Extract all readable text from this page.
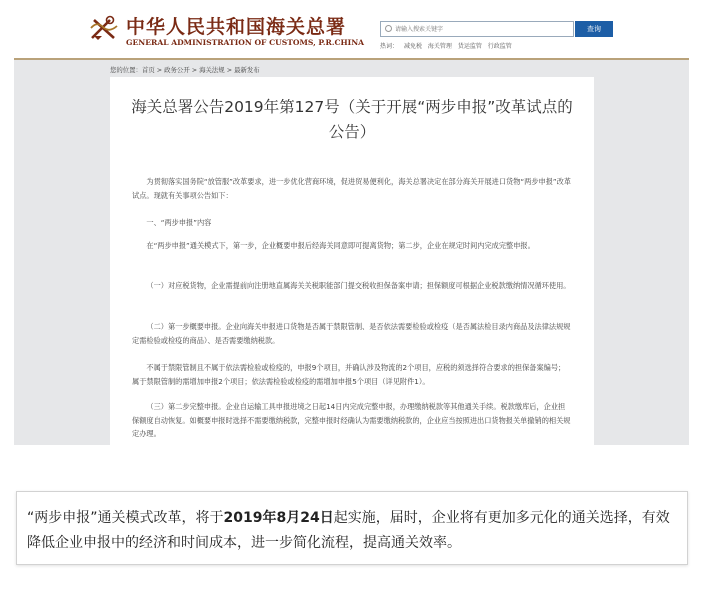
中华人民共和国海关总署
GENERAL ADMINISTRATION OF CUSTOMS, P.R.CHINA
请输入搜索关键字
查询
热词： 减免税 海关管理 货运监管 行政监管
您的位置：首页 > 政务公开 > 海关法规 > 最新发布
海关总署公告2019年第127号（关于开展“两步申报”改革试点的
公告）
为贯彻落实国务院“放管服”改革要求，进一步优化营商环境，促进贸易便利化，海关总署决定在部分海关开展进口货物“两步申报”改革试点。现就有关事项公告如下：
一、“两步申报”内容
在“两步申报”通关模式下，第一步，企业概要申报后经海关同意即可提离货物；第二步，企业在规定时间内完成完整申报。
（一）对应税货物，企业需提前向注册地直属海关关税职能部门提交税收担保备案申请；担保额度可根据企业税款缴纳情况循环使用。
（二）第一步概要申报。企业向海关申报进口货物是否属于禁限管制、是否依法需要检验或检疫（是否属法检目录内商品及法律法规规定需检验或检疫的商品）、是否需要缴纳税款。
不属于禁限管制且不属于依法需检验或检疫的，申报9个项目，并确认涉及物流的2个项目，应税的须选择符合要求的担保备案编号；属于禁限管制的需增加申报2个项目；依法需检验或检疫的需增加申报5个项目（详见附件1）。
（三）第二步完整申报。企业自运输工具申报进境之日起14日内完成完整申报，办理缴纳税款等其他通关手续。税款缴库后，企业担保额度自动恢复。如概要申报时选择不需要缴纳税款，完整申报时经确认为需要缴纳税款的，企业应当按照进出口货物报关单撤销的相关规定办理。
“两步申报”通关模式改革，将于2019年8月24日起实施，届时，企业将有更加多元化的通关选择，有效降低企业申报中的经济和时间成本，进一步简化流程，提高通关效率。
